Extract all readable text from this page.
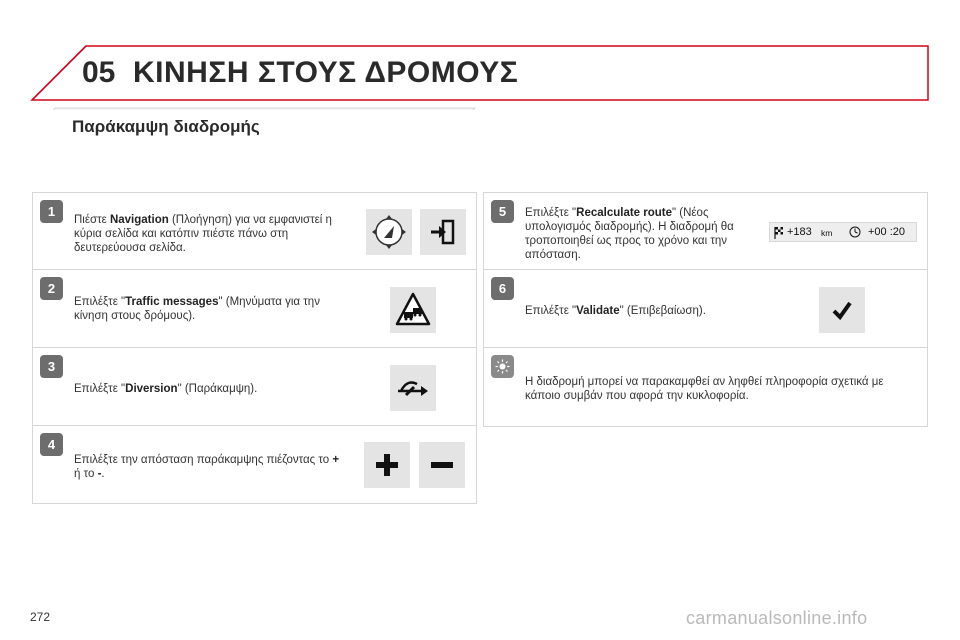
05 ΚΙΝΗΣΗ ΣΤΟΥΣ ΔΡΟΜΟΥΣ
Παράκαμψη διαδρομής
1
Πιέστε Navigation (Πλοήγηση) για να εμφανιστεί η κύρια σελίδα και κατόπιν πιέστε πάνω στη δευτερεύουσα σελίδα.
2
Επιλέξτε "Traffic messages" (Μηνύματα για την κίνηση στους δρόμους).
3
Επιλέξτε "Diversion" (Παράκαμψη).
4
Επιλέξτε την απόσταση παράκαμψης πιέζοντας το + ή το -.
5	Επιλέξτε "Recalculate route" (Νέος υπολογισμός διαδρομής). Η διαδρομή θα τροποποιηθεί ως προς το χρόνο και την απόσταση.
+183 km	+00 :20
6
Επιλέξτε "Validate" (Επιβεβαίωση).
Η διαδρομή μπορεί να παρακαμφθεί αν ληφθεί πληροφορία σχετικά με κάποιο συμβάν που αφορά την κυκλοφορία.
272	carmanualsonline.info
